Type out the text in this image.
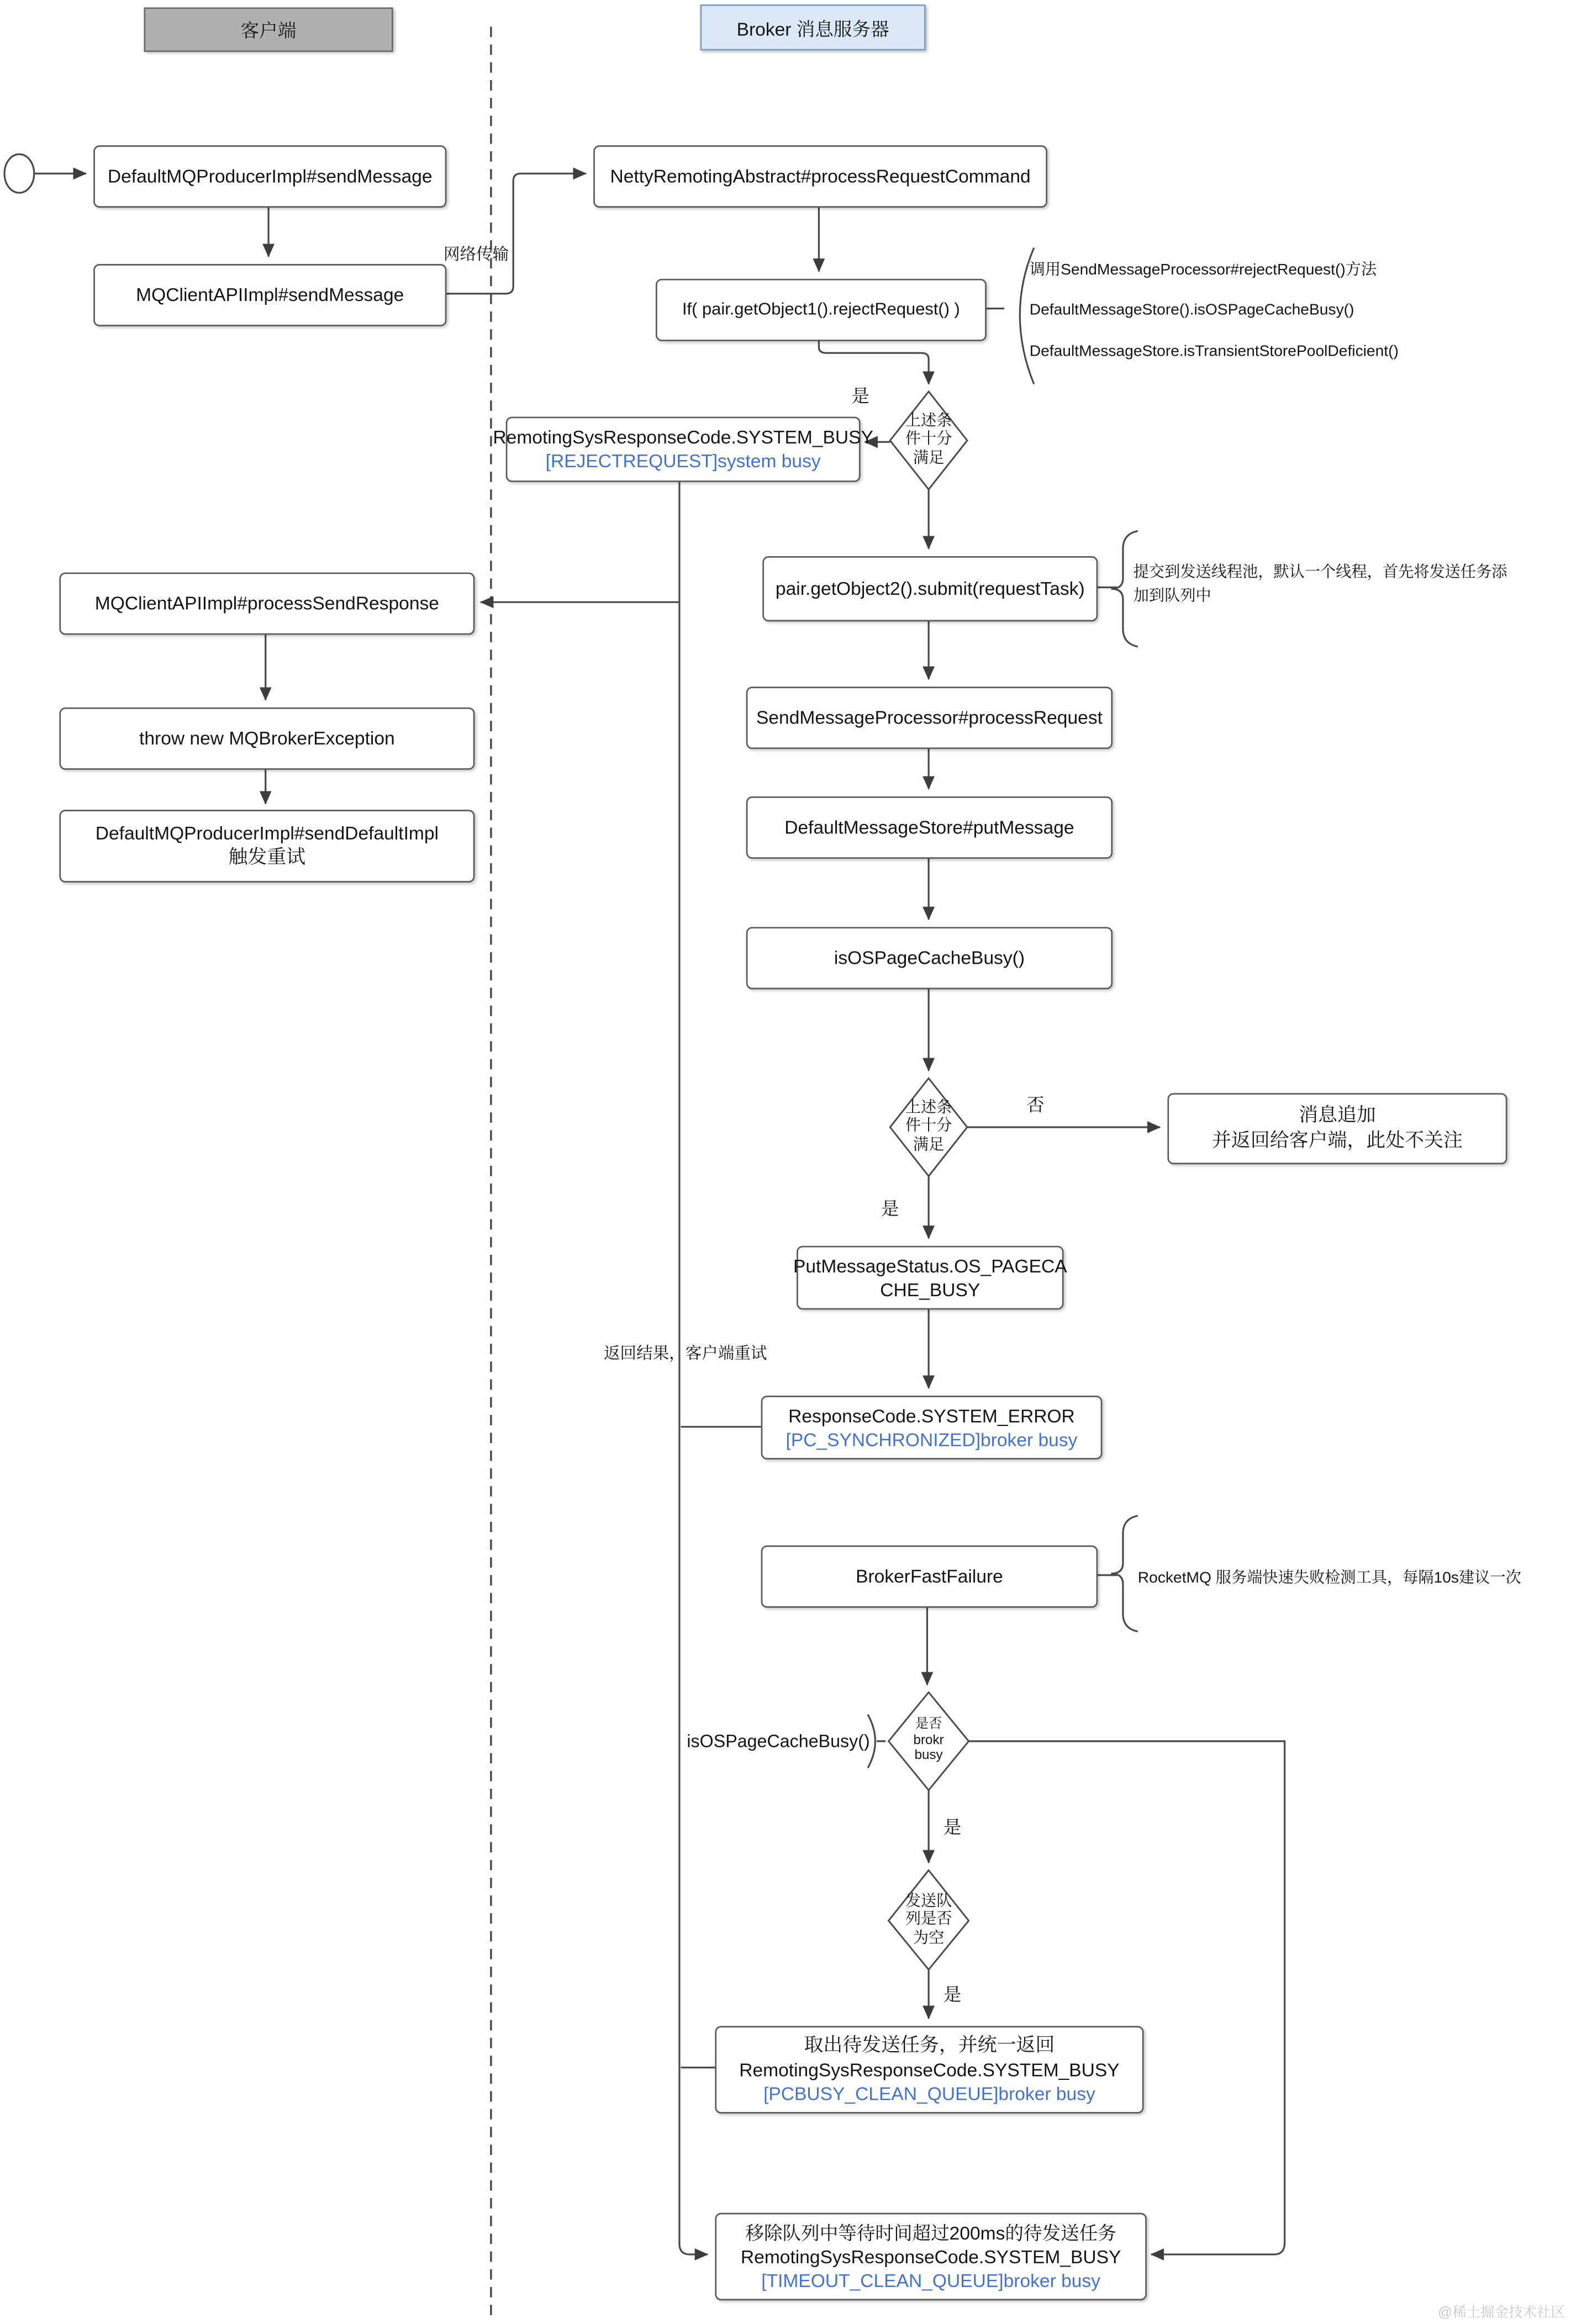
客户端	Broker 消息服务器
DefaultMQProducerImpl#sendMessage
MQClientAPIImpl#sendMessage
MQClientAPIImpl#processSendResponse
throw new MQBrokerException
DefaultMQProducerImpl#sendDefaultImpl
触发重试
NettyRemotingAbstract#processRequestCommand
If( pair.getObject1().rejectRequest() )
RemotingSysResponseCode.SYSTEM_BUSY
[REJECTREQUEST]system busy
pair.getObject2().submit(requestTask)
SendMessageProcessor#processRequest
DefaultMessageStore#putMessage
isOSPageCacheBusy()
消息追加
并返回给客户端，此处不关注
PutMessageStatus.OS_PAGECA
CHE_BUSY
ResponseCode.SYSTEM_ERROR
[PC_SYNCHRONIZED]broker busy
BrokerFastFailure
取出待发送任务，并统一返回
RemotingSysResponseCode.SYSTEM_BUSY
[PCBUSY_CLEAN_QUEUE]broker busy
移除队列中等待时间超过200ms的待发送任务
RemotingSysResponseCode.SYSTEM_BUSY
[TIMEOUT_CLEAN_QUEUE]broker busy
上述条
件十分
满足
上述条
件十分
满足
是否
brokr
busy
发送队
列是否
为空
网络传输
是
否
是
是
是
返回结果，客户端重试
调用SendMessageProcessor#rejectRequest()方法
DefaultMessageStore().isOSPageCacheBusy()
DefaultMessageStore.isTransientStorePoolDeficient()
提交到发送线程池，默认一个线程，首先将发送任务添
加到队列中
RocketMQ 服务端快速失败检测工具，每隔10s建议一次
isOSPageCacheBusy()
@稀土掘金技术社区
